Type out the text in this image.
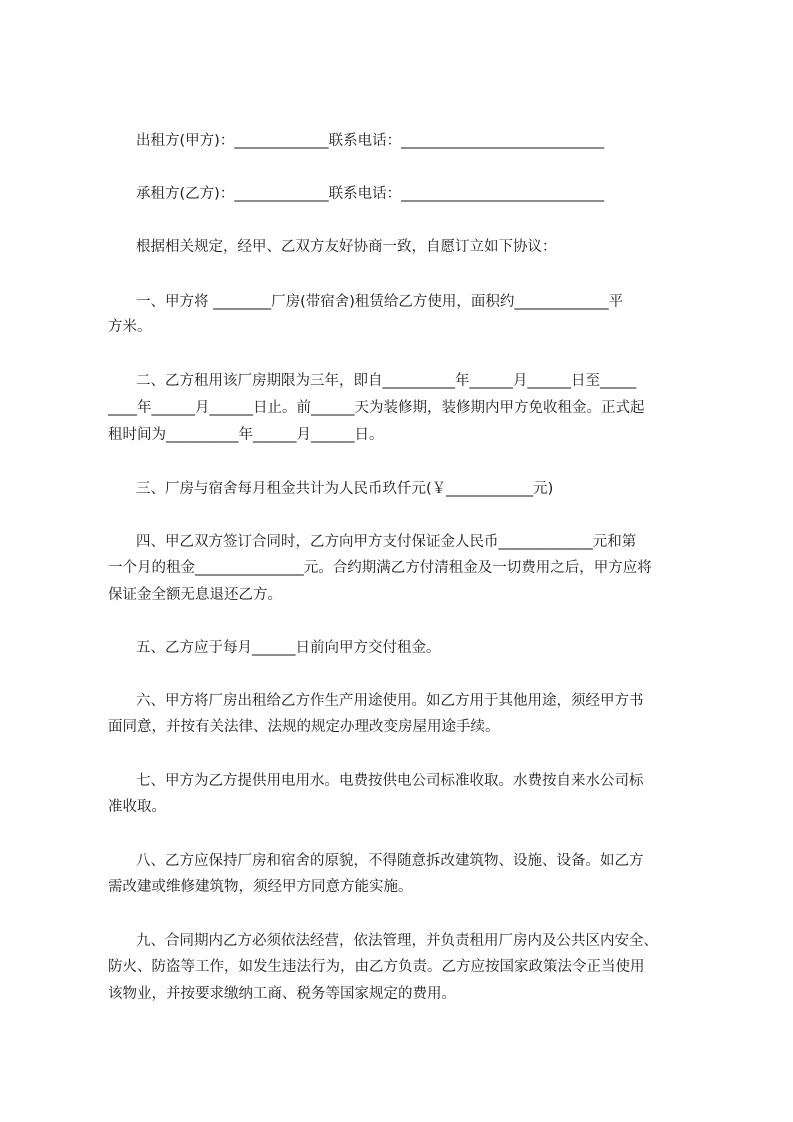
出租方(甲方)：_____________联系电话：____________________________
承租方(乙方)：_____________联系电话：____________________________
根据相关规定，经甲、乙双方友好协商一致，自愿订立如下协议：
一、甲方将 ________厂房(带宿舍)租赁给乙方使用，面积约_____________平
方米。
二、乙方租用该厂房期限为三年，即自__________年______月______日至_____
____年______月______日止。前______天为装修期，装修期内甲方免收租金。正式起
租时间为__________年______月______日。
三、厂房与宿舍每月租金共计为人民币玖仟元(￥____________元)
四、甲乙双方签订合同时，乙方向甲方支付保证金人民币_____________元和第
一个月的租金_______________元。合约期满乙方付清租金及一切费用之后，甲方应将
保证金全额无息退还乙方。
五、乙方应于每月______日前向甲方交付租金。
六、甲方将厂房出租给乙方作生产用途使用。如乙方用于其他用途，须经甲方书
面同意，并按有关法律、法规的规定办理改变房屋用途手续。
七、甲方为乙方提供用电用水。电费按供电公司标准收取。水费按自来水公司标
准收取。
八、乙方应保持厂房和宿舍的原貌，不得随意拆改建筑物、设施、设备。如乙方
需改建或维修建筑物，须经甲方同意方能实施。
九、合同期内乙方必须依法经营，依法管理，并负责租用厂房内及公共区内安全、
防火、防盗等工作，如发生违法行为，由乙方负责。乙方应按国家政策法令正当使用
该物业，并按要求缴纳工商、税务等国家规定的费用。
